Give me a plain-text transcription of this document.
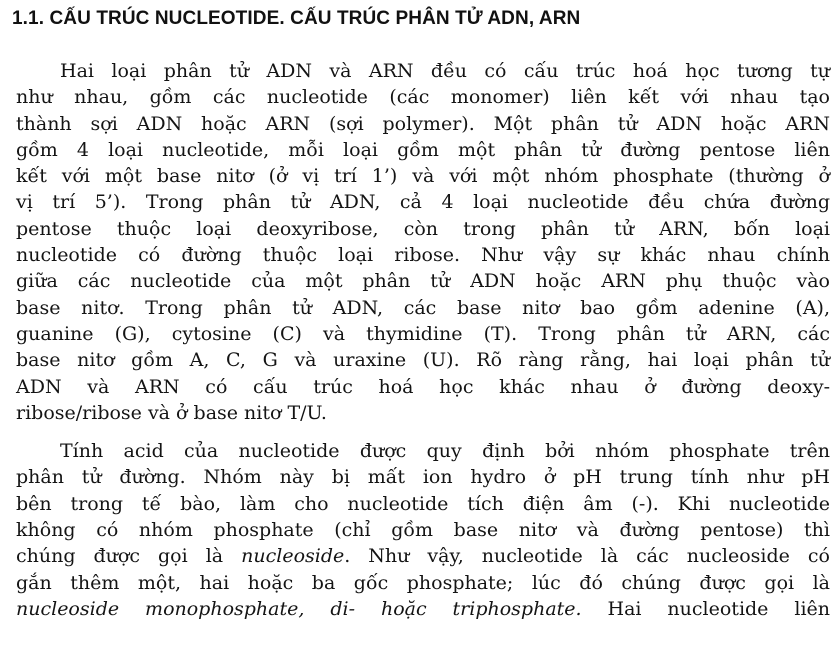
1.1. CẤU TRÚC NUCLEOTIDE. CẤU TRÚC PHÂN TỬ ADN, ARN
Hai loại phân tử ADN và ARN đều có cấu trúc hoá học tương tự
như nhau, gồm các nucleotide (các monomer) liên kết với nhau tạo
thành sợi ADN hoặc ARN (sợi polymer). Một phân tử ADN hoặc ARN
gồm 4 loại nucleotide, mỗi loại gồm một phân tử đường pentose liên
kết với một base nitơ (ở vị trí 1’) và với một nhóm phosphate (thường ở
vị trí 5’). Trong phân tử ADN, cả 4 loại nucleotide đều chứa đường
pentose thuộc loại deoxyribose, còn trong phân tử ARN, bốn loại
nucleotide có đường thuộc loại ribose. Như vậy sự khác nhau chính
giữa các nucleotide của một phân tử ADN hoặc ARN phụ thuộc vào
base nitơ. Trong phân tử ADN, các base nitơ bao gồm adenine (A),
guanine (G), cytosine (C) và thymidine (T). Trong phân tử ARN, các
base nitơ gồm A, C, G và uraxine (U). Rõ ràng rằng, hai loại phân tử
ADN và ARN có cấu trúc hoá học khác nhau ở đường deoxy-
ribose/ribose và ở base nitơ T/U.
Tính acid của nucleotide được quy định bởi nhóm phosphate trên
phân tử đường. Nhóm này bị mất ion hydro ở pH trung tính như pH
bên trong tế bào, làm cho nucleotide tích điện âm (-). Khi nucleotide
không có nhóm phosphate (chỉ gồm base nitơ và đường pentose) thì
chúng được gọi là nucleoside. Như vậy, nucleotide là các nucleoside có
gắn thêm một, hai hoặc ba gốc phosphate; lúc đó chúng được gọi là
nucleoside monophosphate, di- hoặc triphosphate. Hai nucleotide liên
